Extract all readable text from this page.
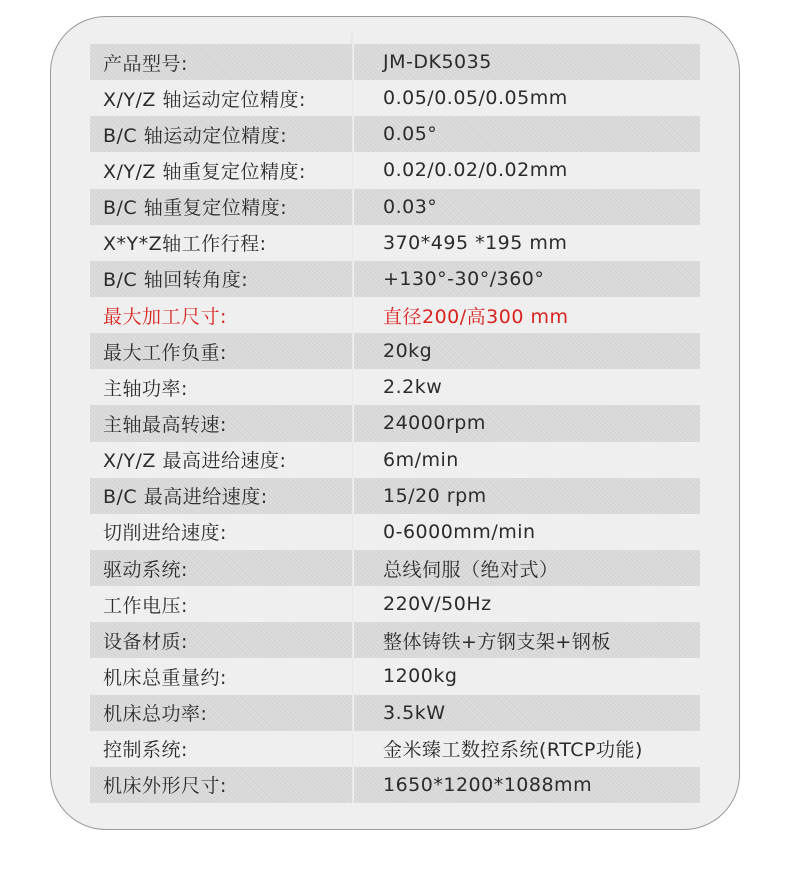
产品型号:	JM-DK5035
X/Y/Z 轴运动定位精度:	0.05/0.05/0.05mm
B/C 轴运动定位精度:	0.05°
X/Y/Z 轴重复定位精度:	0.02/0.02/0.02mm
B/C 轴重复定位精度:	0.03°
X*Y*Z轴工作行程:	370*495 *195 mm
B/C 轴回转角度:	+130°-30°/360°
最大加工尺寸:	直径200/高300 mm
最大工作负重:	20kg
主轴功率:	2.2kw
主轴最高转速:	24000rpm
X/Y/Z 最高进给速度:	6m/min
B/C 最高进给速度:	15/20 rpm
切削进给速度:	0-6000mm/min
驱动系统:	总线伺服（绝对式）
工作电压:	220V/50Hz
设备材质:	整体铸铁+方钢支架+钢板
机床总重量约:	1200kg
机床总功率:	3.5kW
控制系统:	金米臻工数控系统(RTCP功能)
机床外形尺寸:	1650*1200*1088mm
